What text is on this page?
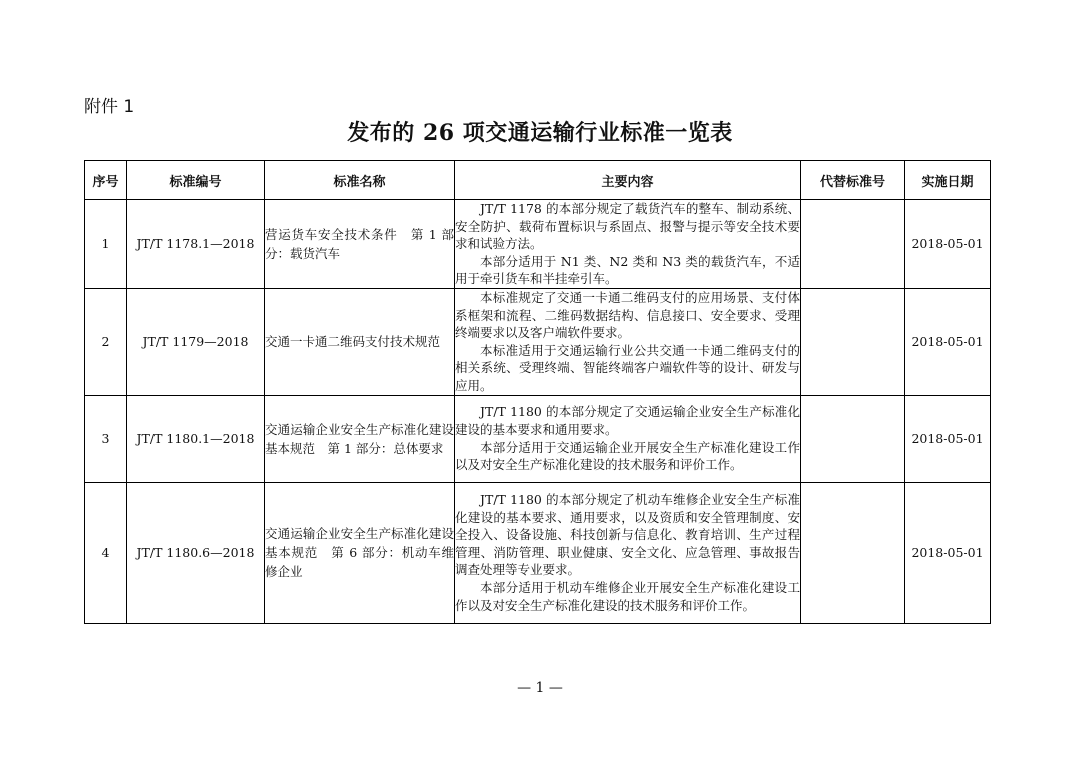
附件 1
发布的 26 项交通运输行业标准一览表
序号	标准编号	标准名称	主要内容	代替标准号	实施日期
1	JT/T 1178.1—2018	营运货车安全技术条件　第 1 部分：载货汽车	JT/T 1178 的本部分规定了载货汽车的整车、制动系统、安全防护、载荷布置标识与系固点、报警与提示等安全技术要求和试验方法。

本部分适用于 N1 类、N2 类和 N3 类的载货汽车，不适用于牵引货车和半挂牵引车。		2018-05-01
2	JT/T 1179—2018	交通一卡通二维码支付技术规范	本标准规定了交通一卡通二维码支付的应用场景、支付体系框架和流程、二维码数据结构、信息接口、安全要求、受理终端要求以及客户端软件要求。

本标准适用于交通运输行业公共交通一卡通二维码支付的相关系统、受理终端、智能终端客户端软件等的设计、研发与应用。		2018-05-01
3	JT/T 1180.1—2018	交通运输企业安全生产标准化建设基本规范　第 1 部分：总体要求	JT/T 1180 的本部分规定了交通运输企业安全生产标准化建设的基本要求和通用要求。

本部分适用于交通运输企业开展安全生产标准化建设工作以及对安全生产标准化建设的技术服务和评价工作。		2018-05-01
4	JT/T 1180.6—2018	交通运输企业安全生产标准化建设基本规范　第 6 部分：机动车维修企业	JT/T 1180 的本部分规定了机动车维修企业安全生产标准化建设的基本要求、通用要求，以及资质和安全管理制度、安全投入、设备设施、科技创新与信息化、教育培训、生产过程管理、消防管理、职业健康、安全文化、应急管理、事故报告调查处理等专业要求。

本部分适用于机动车维修企业开展安全生产标准化建设工作以及对安全生产标准化建设的技术服务和评价工作。		2018-05-01
— 1 —
